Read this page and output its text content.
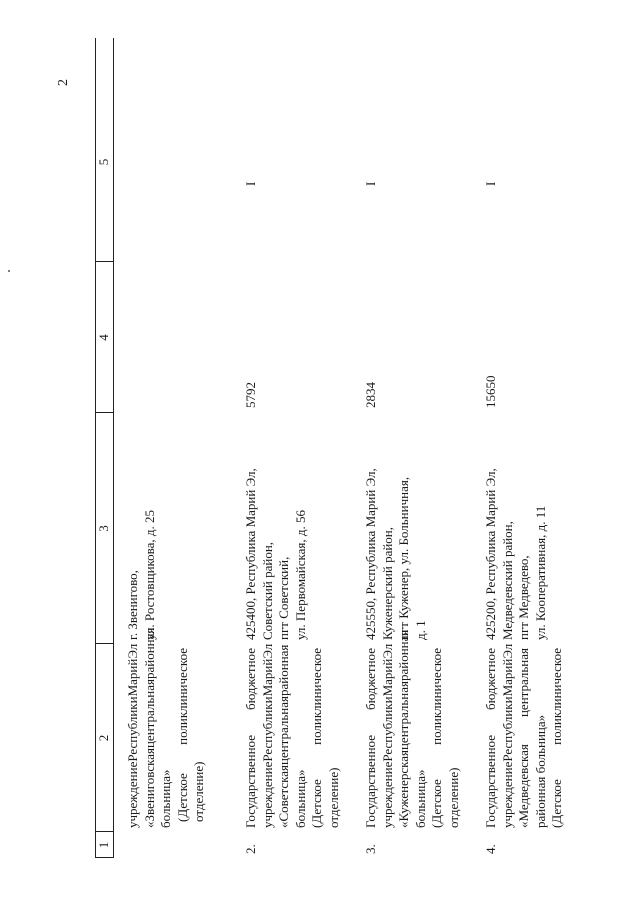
2
1
2
3
4
5
учреждение
Республики
Марий
Эл
«Звениговская
центральная
районная
больница» (Детское
поликлиническое
отделение)
г. Звенигово, ул. Ростовщикова, д. 25
2.
Государственное
бюджетное
учреждение
Республики
Марий
Эл
«Советская
центральная
районная
больница» (Детское
поликлиническое
отделение)
425400, Республика Марий Эл, Советский район, пгт Советский, ул. Первомайская, д. 56
5792
I
3.
Государственное
бюджетное
учреждение
Республики
Марий
Эл
«Куженерская
центральная
районная
больница» (Детское
поликлиническое
отделение)
425550, Республика Марий Эл, Куженерский район, пгт Куженер, ул. Больничная, д. 1
2834
I
4.
Государственное
бюджетное
учреждение
Республики
Марий
Эл
«Медведевская
центральная
районная больница» (Детское
поликлиническое
425200, Республика Марий Эл, Медведевский район, пгт Медведево, ул. Кооперативная, д. 11
15650
I
